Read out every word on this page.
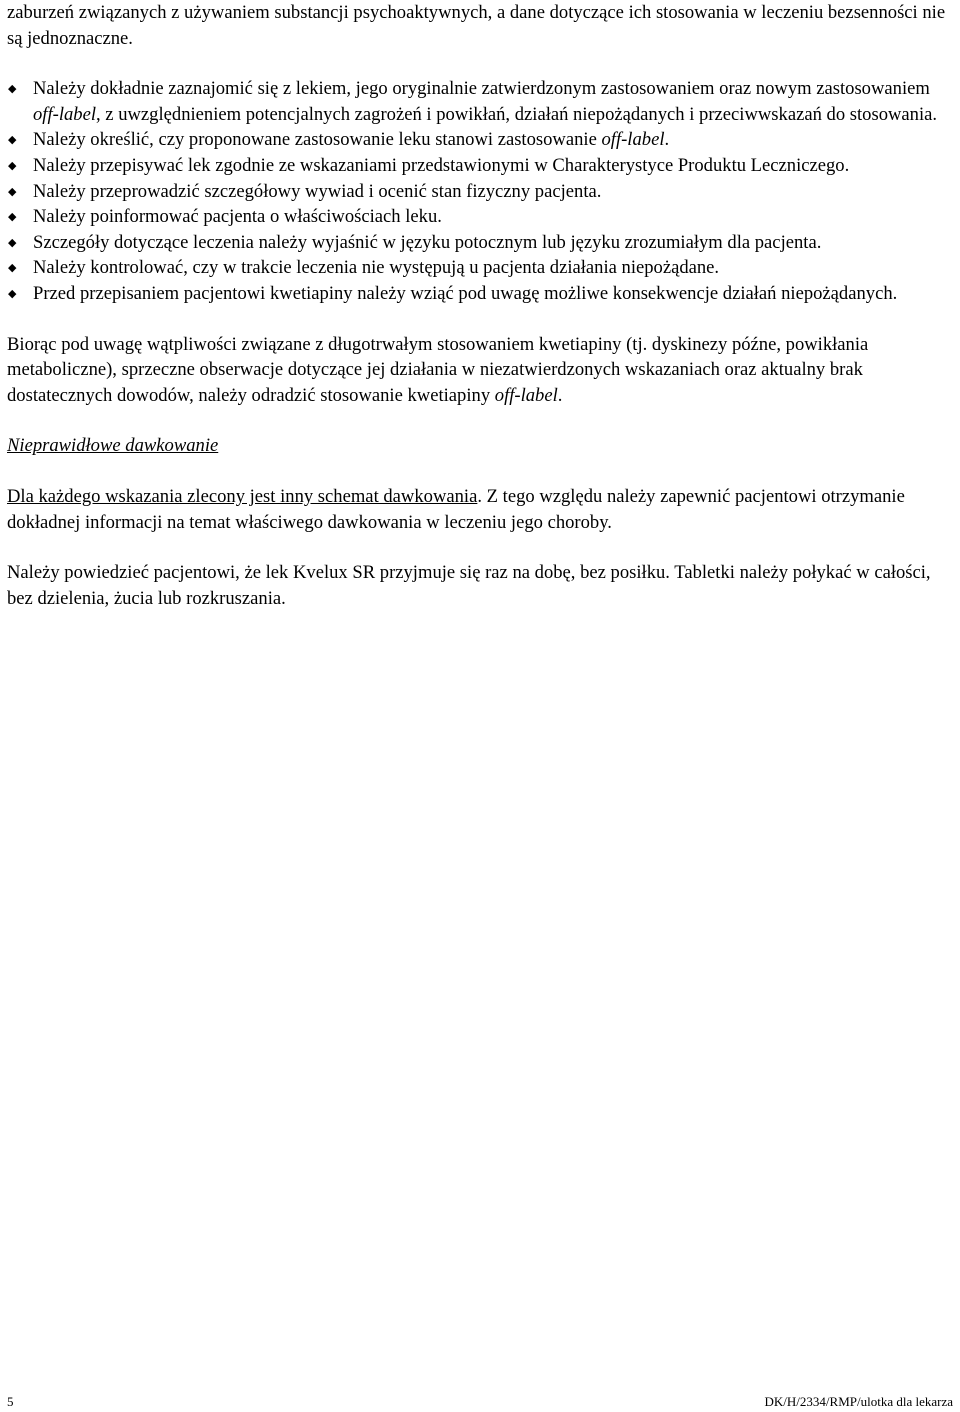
zaburzeń związanych z używaniem substancji psychoaktywnych, a dane dotyczące ich stosowania w leczeniu bezsenności nie są jednoznaczne.

◆ Należy dokładnie zaznajomić się z lekiem, jego oryginalnie zatwierdzonym zastosowaniem oraz nowym zastosowaniem off-label, z uwzględnieniem potencjalnych zagrożeń i powikłań, działań niepożądanych i przeciwwskazań do stosowania.
◆ Należy określić, czy proponowane zastosowanie leku stanowi zastosowanie off-label.
◆ Należy przepisywać lek zgodnie ze wskazaniami przedstawionymi w Charakterystyce Produktu Leczniczego.
◆ Należy przeprowadzić szczegółowy wywiad i ocenić stan fizyczny pacjenta.
◆ Należy poinformować pacjenta o właściwościach leku.
◆ Szczegóły dotyczące leczenia należy wyjaśnić w języku potocznym lub języku zrozumiałym dla pacjenta.
◆ Należy kontrolować, czy w trakcie leczenia nie występują u pacjenta działania niepożądane.
◆ Przed przepisaniem pacjentowi kwetiapiny należy wziąć pod uwagę możliwe konsekwencje działań niepożądanych.

Biorąc pod uwagę wątpliwości związane z długotrwałym stosowaniem kwetiapiny (tj. dyskinezy późne, powikłania metaboliczne), sprzeczne obserwacje dotyczące jej działania w niezatwierdzonych wskazaniach oraz aktualny brak dostatecznych dowodów, należy odradzić stosowanie kwetiapiny off-label.

Nieprawidłowe dawkowanie

Dla każdego wskazania zlecony jest inny schemat dawkowania. Z tego względu należy zapewnić pacjentowi otrzymanie dokładnej informacji na temat właściwego dawkowania w leczeniu jego choroby.

Należy powiedzieć pacjentowi, że lek Kvelux SR przyjmuje się raz na dobę, bez posiłku. Tabletki należy połykać w całości, bez dzielenia, żucia lub rozkruszania.

5	DK/H/2334/RMP/ulotka dla lekarza
